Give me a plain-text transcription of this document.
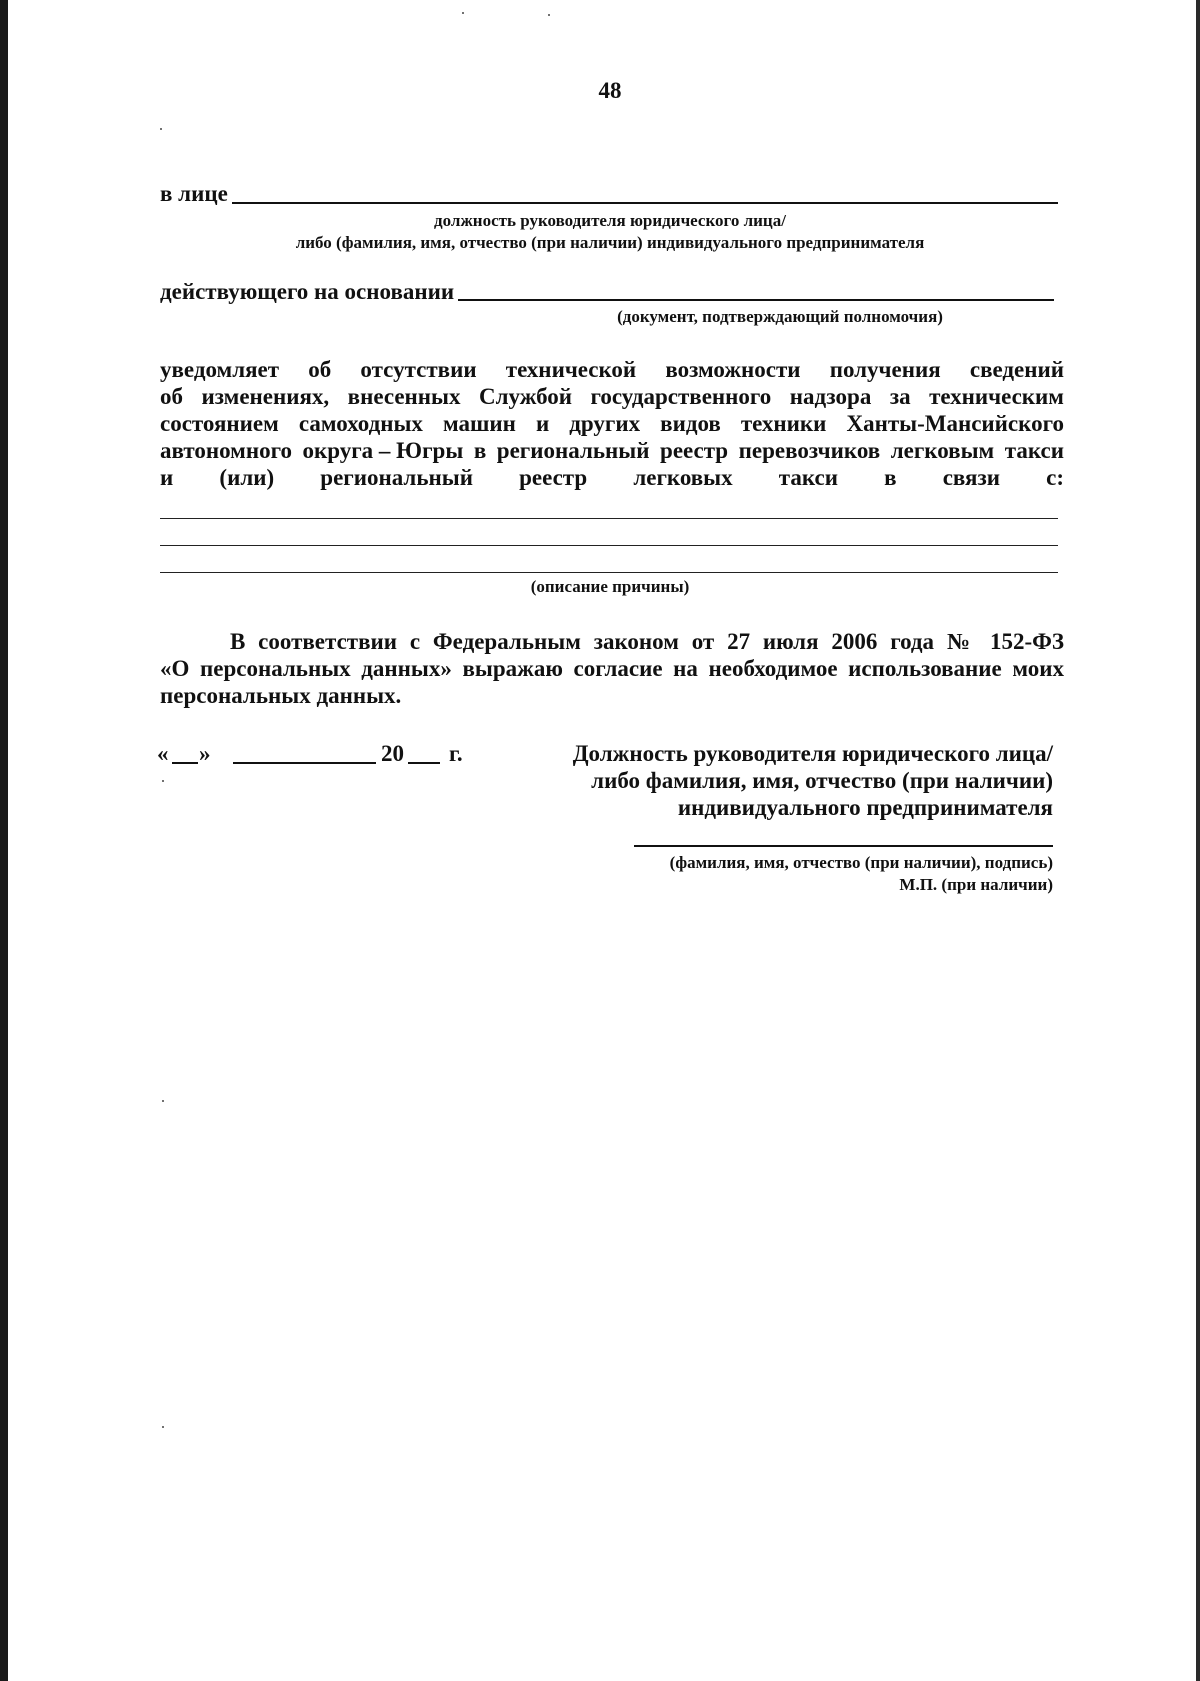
48
в лице
должность руководителя юридического лица/
либо (фамилия, имя, отчество (при наличии) индивидуального предпринимателя
действующего на основании
(документ, подтверждающий полномочия)
уведомляет об отсутствии технической возможности получения сведений
об изменениях, внесенных Службой государственного надзора за техническим
состоянием самоходных машин и других видов техники Ханты-Мансийского
автономного округа – Югры в региональный реестр перевозчиков легковым такси
и (или) региональный реестр легковых такси в связи с:
(описание причины)
В соответствии с Федеральным законом от 27 июля 2006 года № 152-ФЗ
«О персональных данных» выражаю согласие на необходимое использование моих
персональных данных.
« »	20 г.	Должность руководителя юридического лица/
либо фамилия, имя, отчество (при наличии)
индивидуального предпринимателя
(фамилия, имя, отчество (при наличии), подпись)
М.П. (при наличии)
